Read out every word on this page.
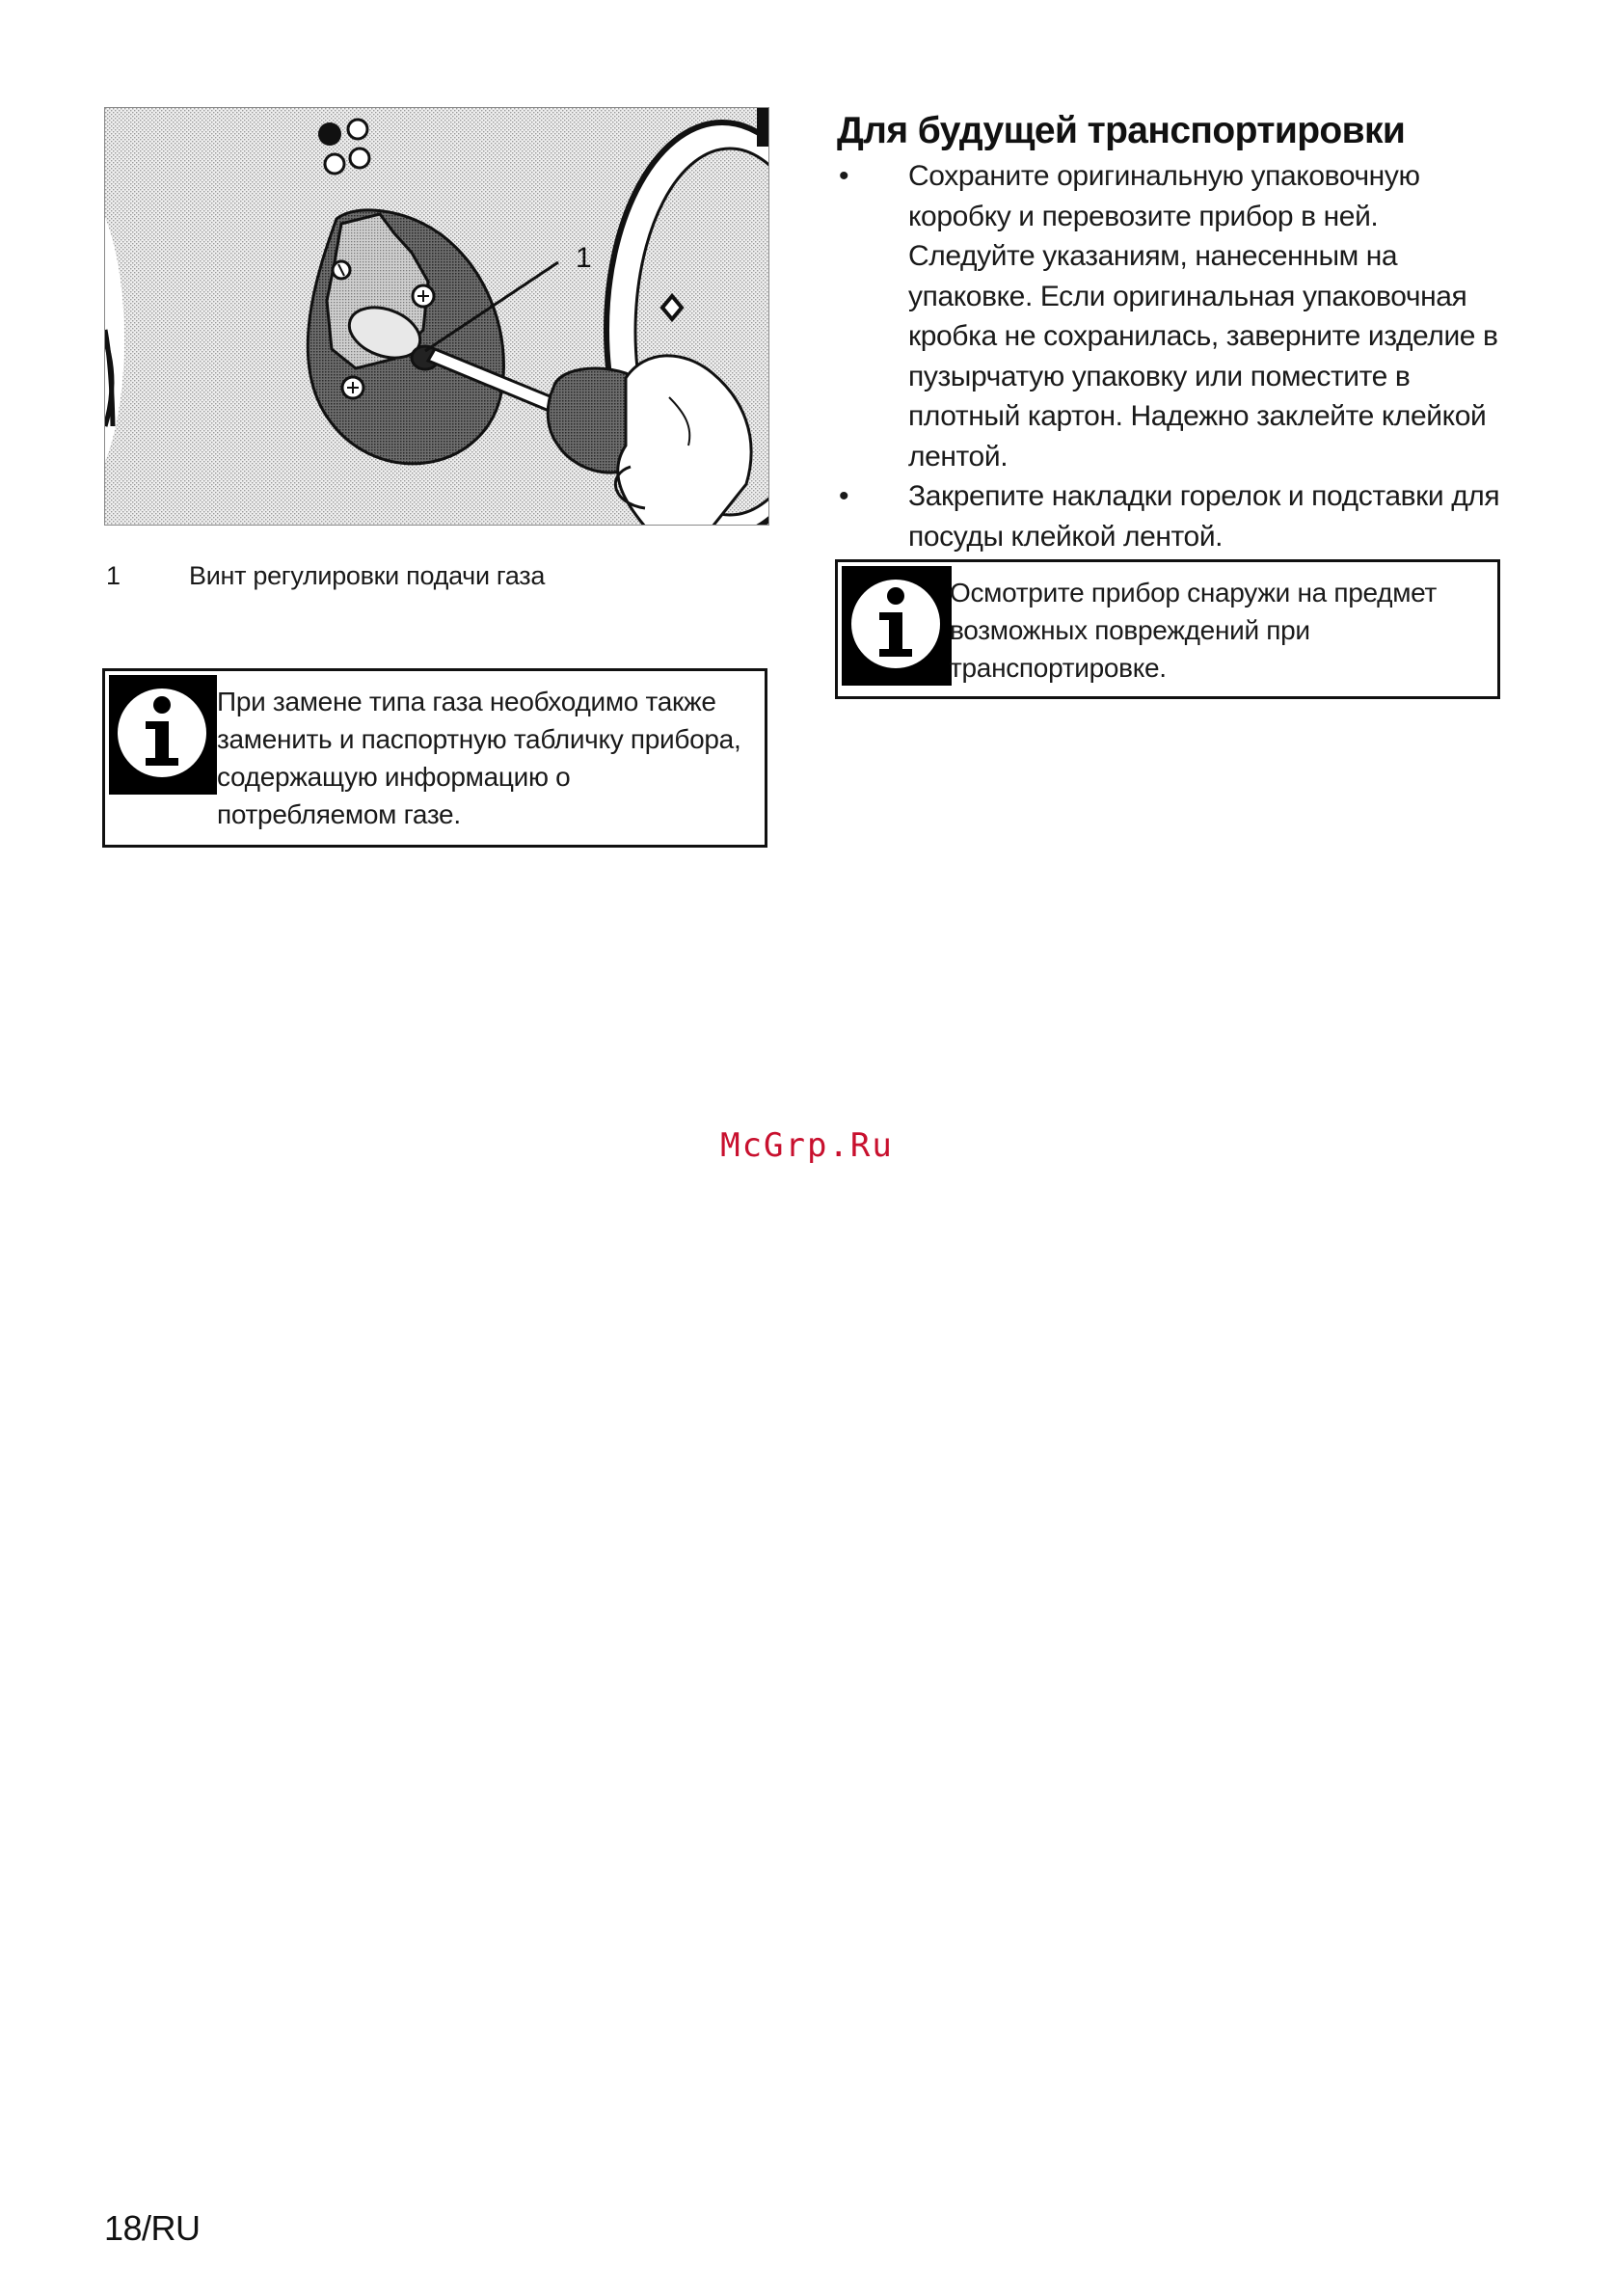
1
1	Винт регулировки подачи газа
При замене типа газа необходимо также
заменить и паспортную табличку прибора,
содержащую информацию о
потребляемом газе.
Для будущей транспортировки
• Сохраните оригинальную упаковочную
коробку и перевозите прибор в ней.
Следуйте указаниям, нанесенным на
упаковке. Если оригинальная упаковочная
кробка не сохранилась, заверните изделие в
пузырчатую упаковку или поместите в
плотный картон. Надежно заклейте клейкой
лентой.
• Закрепите накладки горелок и подставки для
посуды клейкой лентой.
Осмотрите прибор снаружи на предмет
возможных повреждений при
транспортировке.
McGrp.Ru
18/RU
